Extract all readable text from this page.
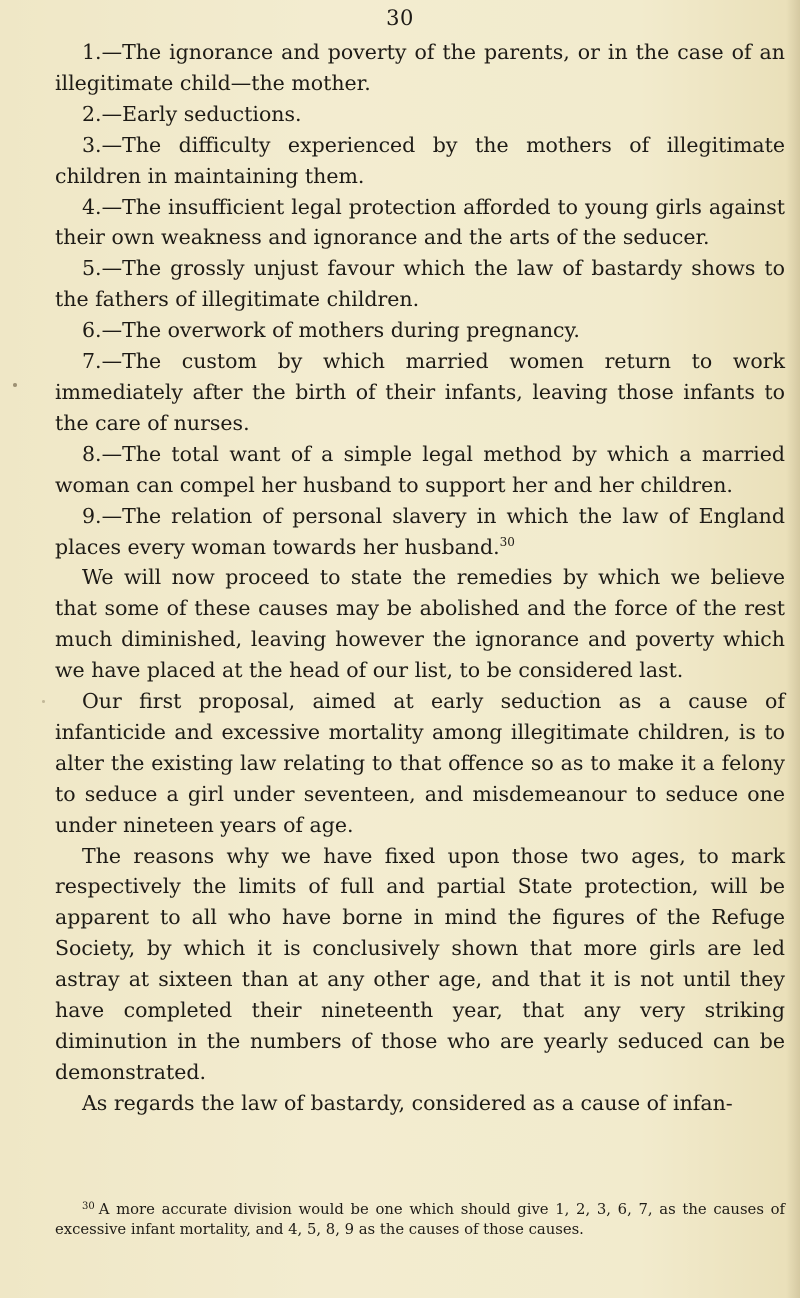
30

1.—The ignorance and poverty of the parents, or in the case of an illegitimate child—the mother.

2.—Early seductions.

3.—The difficulty experienced by the mothers of illegitimate children in maintaining them.

4.—The insufficient legal protection afforded to young girls against their own weakness and ignorance and the arts of the seducer.

5.—The grossly unjust favour which the law of bastardy shows to the fathers of illegitimate children.

6.—The overwork of mothers during pregnancy.

7.—The custom by which married women return to work immediately after the birth of their infants, leaving those infants to the care of nurses.

8.—The total want of a simple legal method by which a married woman can compel her husband to support her and her children.

9.—The relation of personal slavery in which the law of England places every woman towards her husband.$^{30}$

We will now proceed to state the remedies by which we believe that some of these causes may be abolished and the force of the rest much diminished, leaving however the ignorance and poverty which we have placed at the head of our list, to be considered last.

Our first proposal, aimed at early seduction as a cause of infanticide and excessive mortality among illegitimate children, is to alter the existing law relating to that offence so as to make it a felony to seduce a girl under seventeen, and misdemeanour to seduce one under nineteen years of age.

The reasons why we have fixed upon those two ages, to mark respectively the limits of full and partial State protection, will be apparent to all who have borne in mind the figures of the Refuge Society, by which it is conclusively shown that more girls are led astray at sixteen than at any other age, and that it is not until they have completed their nineteenth year, that any very striking diminution in the numbers of those who are yearly seduced can be demonstrated.

As regards the law of bastardy, considered as a cause of infan-

$^{30}$ A more accurate division would be one which should give 1, 2, 3, 6, 7, as the causes of excessive infant mortality, and 4, 5, 8, 9 as the causes of those causes.
